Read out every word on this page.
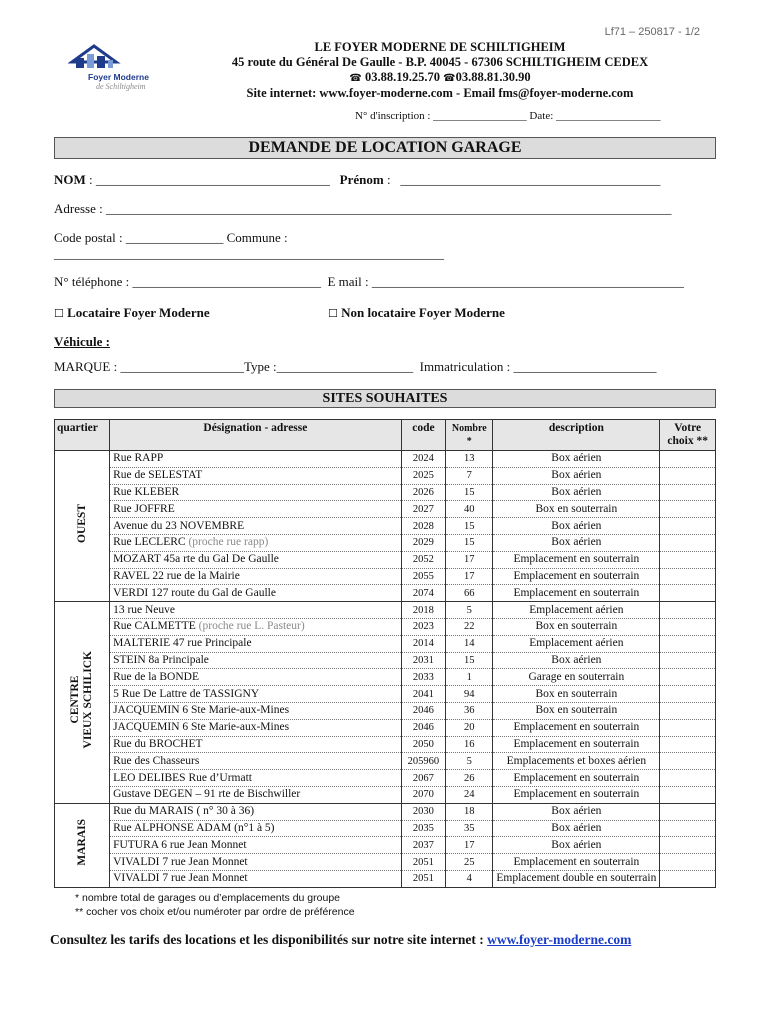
Lf71 – 250817 - 1/2
Foyer Moderne
de Schiltigheim
LE FOYER MODERNE DE SCHILTIGHEIM
45 route du Général De Gaulle - B.P. 40045 - 67306 SCHILTIGHEIM CEDEX
☎ 03.88.19.25.70 ☎03.88.81.30.90
Site internet: www.foyer-moderne.com - Email fms@foyer-moderne.com
N° d'inscription : _________________ Date: ___________________
DEMANDE DE LOCATION GARAGE
NOM : ____________________________________   Prénom :   ________________________________________
Adresse : _______________________________________________________________________________________
Code postal : _______________ Commune :
____________________________________________________________
N° téléphone : _____________________________  E mail : ________________________________________________
☐ Locataire Foyer Moderne	☐ Non locataire Foyer Moderne
Véhicule :
MARQUE : ___________________Type :_____________________  Immatriculation : ______________________
SITES SOUHAITES
quartier	Désignation - adresse	code	Nombre
*	description	Votre
choix **
OUEST	Rue RAPP	2024	13	Box aérien	
	Rue de SELESTAT	2025	7	Box aérien	
	Rue KLEBER	2026	15	Box aérien	
	Rue JOFFRE	2027	40	Box en souterrain	
	Avenue du 23 NOVEMBRE	2028	15	Box aérien	
	Rue LECLERC (proche rue rapp)	2029	15	Box aérien	
	MOZART 45a rte du Gal De Gaulle	2052	17	Emplacement en souterrain	
	RAVEL 22 rue de la Mairie	2055	17	Emplacement en souterrain	
	VERDI 127 route du Gal de Gaulle	2074	66	Emplacement en souterrain	
CENTRE
VIEUX SCHILICK	13 rue Neuve	2018	5	Emplacement aérien	
	Rue CALMETTE (proche rue L. Pasteur)	2023	22	Box en souterrain	
	MALTERIE 47 rue Principale	2014	14	Emplacement aérien	
	STEIN 8a Principale	2031	15	Box aérien	
	Rue de la BONDE	2033	1	Garage en souterrain	
	5 Rue De Lattre de TASSIGNY	2041	94	Box en souterrain	
	JACQUEMIN 6 Ste Marie-aux-Mines	2046	36	Box en souterrain	
	JACQUEMIN 6 Ste Marie-aux-Mines	2046	20	Emplacement en souterrain	
	Rue du BROCHET	2050	16	Emplacement en souterrain	
	Rue des Chasseurs	205960	5	Emplacements et boxes aérien	
	LEO DELIBES Rue d’Urmatt	2067	26	Emplacement en souterrain	
	Gustave DEGEN – 91 rte de Bischwiller	2070	24	Emplacement en souterrain	
MARAIS	Rue du MARAIS ( n° 30 à 36)	2030	18	Box aérien	
	Rue ALPHONSE ADAM (n°1 à 5)	2035	35	Box aérien	
	FUTURA 6 rue Jean Monnet	2037	17	Box aérien	
	VIVALDI 7 rue Jean Monnet	2051	25	Emplacement en souterrain	
	VIVALDI 7 rue Jean Monnet	2051	4	Emplacement double en souterrain	
* nombre total de garages ou d’emplacements du groupe
** cocher vos choix et/ou numéroter par ordre de préférence
Consultez les tarifs des locations et les disponibilités sur notre site internet : www.foyer-moderne.com
